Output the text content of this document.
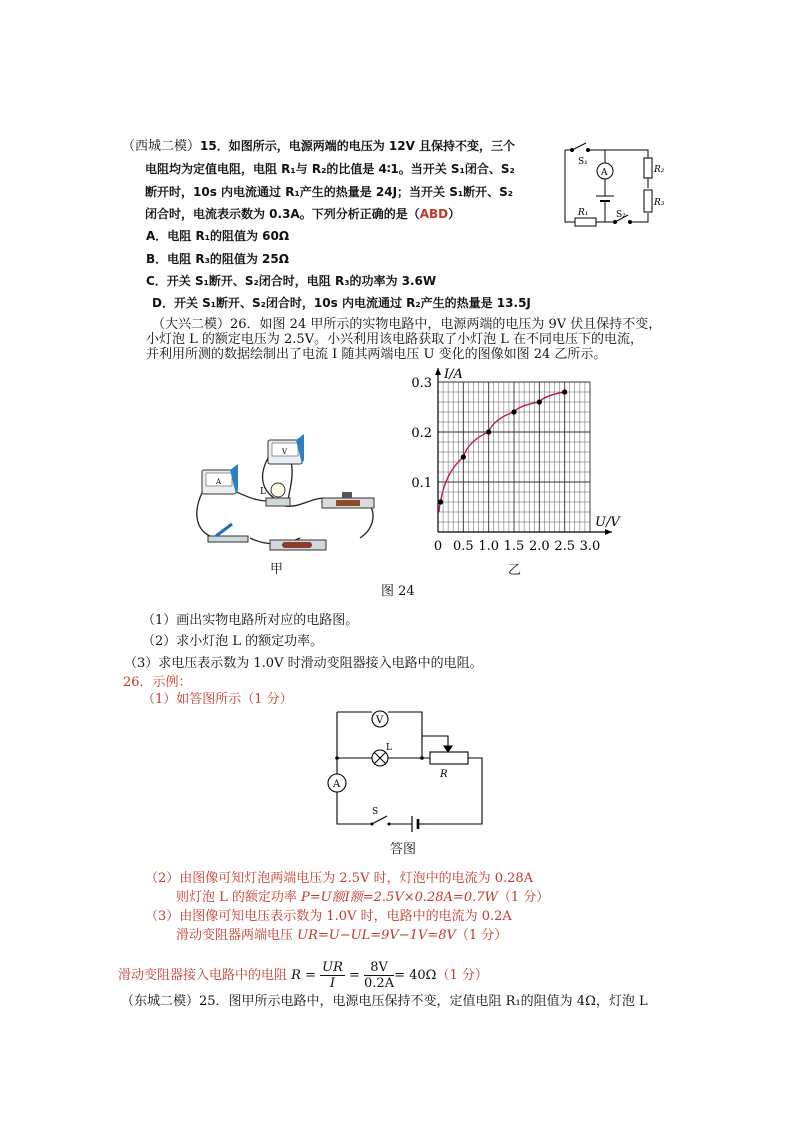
（西城二模）15．如图所示，电源两端的电压为 12V 且保持不变，三个
电阻均为定值电阻，电阻 R₁与 R₂的比值是 4∶1。当开关 S₁闭合、S₂
断开时，10s 内电流通过 R₁产生的热量是 24J；当开关 S₁断开、S₂
闭合时，电流表示数为 0.3A。下列分析正确的是（ABD）
A．电阻 R₁的阻值为 60Ω
B．电阻 R₃的阻值为 25Ω
C．开关 S₁断开、S₂闭合时，电阻 R₃的功率为 3.6W
D．开关 S₁断开、S₂闭合时，10s 内电流通过 R₂产生的热量是 13.5J
S₁
A	R₂
R₃
R₁	S₂
（大兴二模）26．如图 24 甲所示的实物电路中，电源两端的电压为 9V 伏且保持不变，
小灯泡 L 的额定电压为 2.5V。小兴利用该电路获取了小灯泡 L 在不同电压下的电流，
并利用所测的数据绘制出了电流 I 随其两端电压 U 变化的图像如图 24 乙所示。
A
V
L
甲
0 0.5 1.0 1.5 2.0 2.5 3.0
0.1
0.2
0.3
U/V
I/A
乙
图 24
（1）画出实物电路所对应的电路图。
（2）求小灯泡 L 的额定功率。
（3）求电压表示数为 1.0V 时滑动变阻器接入电路中的电阻。
26．示例：
（1）如答图所示（1 分）
V
L
A
S
R
答图
（2）由图像可知灯泡两端电压为 2.5V 时，灯泡中的电流为 0.28A
则灯泡 L 的额定功率 P=U额I额=2.5V×0.28A=0.7W（1 分）
（3）由图像可知电压表示数为 1.0V 时，电路中的电流为 0.2A
滑动变阻器两端电压 UR=U−UL=9V−1V=8V（1 分）
滑动变阻器接入电路中的电阻 $R = \frac{UR}{I} = \frac{8V}{0.2A} = 40\Omega(1$ 分）
（东城二模）25．图甲所示电路中，电源电压保持不变，定值电阻 R₁的阻值为 4Ω，灯泡 L
